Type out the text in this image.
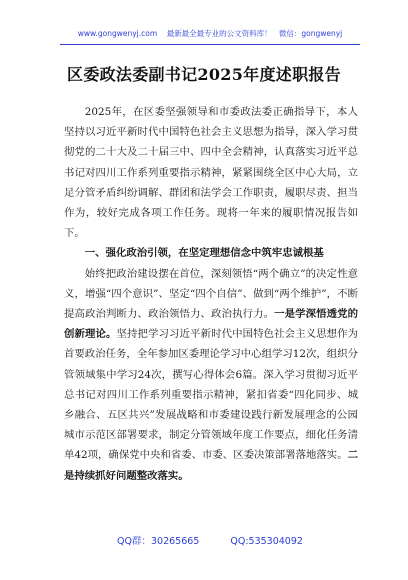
www.gongwenyj.com 最新最全最专业的公文资料库！ 微信：gongwenyj
区委政法委副书记2025年度述职报告

2025年，在区委坚强领导和市委政法委正确指导下，本人坚持以习近平新时代中国特色社会主义思想为指导，深入学习贯彻党的二十大及二十届三中、四中全会精神，认真落实习近平总书记对四川工作系列重要指示精神，紧紧围绕全区中心大局，立足分管矛盾纠纷调解、群团和法学会工作职责，履职尽责、担当作为，较好完成各项工作任务。现将一年来的履职情况报告如下。

一、强化政治引领，在坚定理想信念中筑牢忠诚根基

始终把政治建设摆在首位，深刻领悟“两个确立”的决定性意义，增强“四个意识”、坚定“四个自信”、做到“两个维护”，不断提高政治判断力、政治领悟力、政治执行力。一是学深悟透党的创新理论。坚持把学习习近平新时代中国特色社会主义思想作为首要政治任务，全年参加区委理论学习中心组学习12次，组织分管领域集中学习24次，撰写心得体会6篇。深入学习贯彻习近平总书记对四川工作系列重要指示精神，紧扣省委“四化同步、城乡融合、五区共兴”发展战略和市委建设践行新发展理念的公园城市示范区部署要求，制定分管领域年度工作要点，细化任务清单42项，确保党中央和省委、市委、区委决策部署落地落实。二是持续抓好问题整改落实。

QQ群：30265665	QQ:535304092
